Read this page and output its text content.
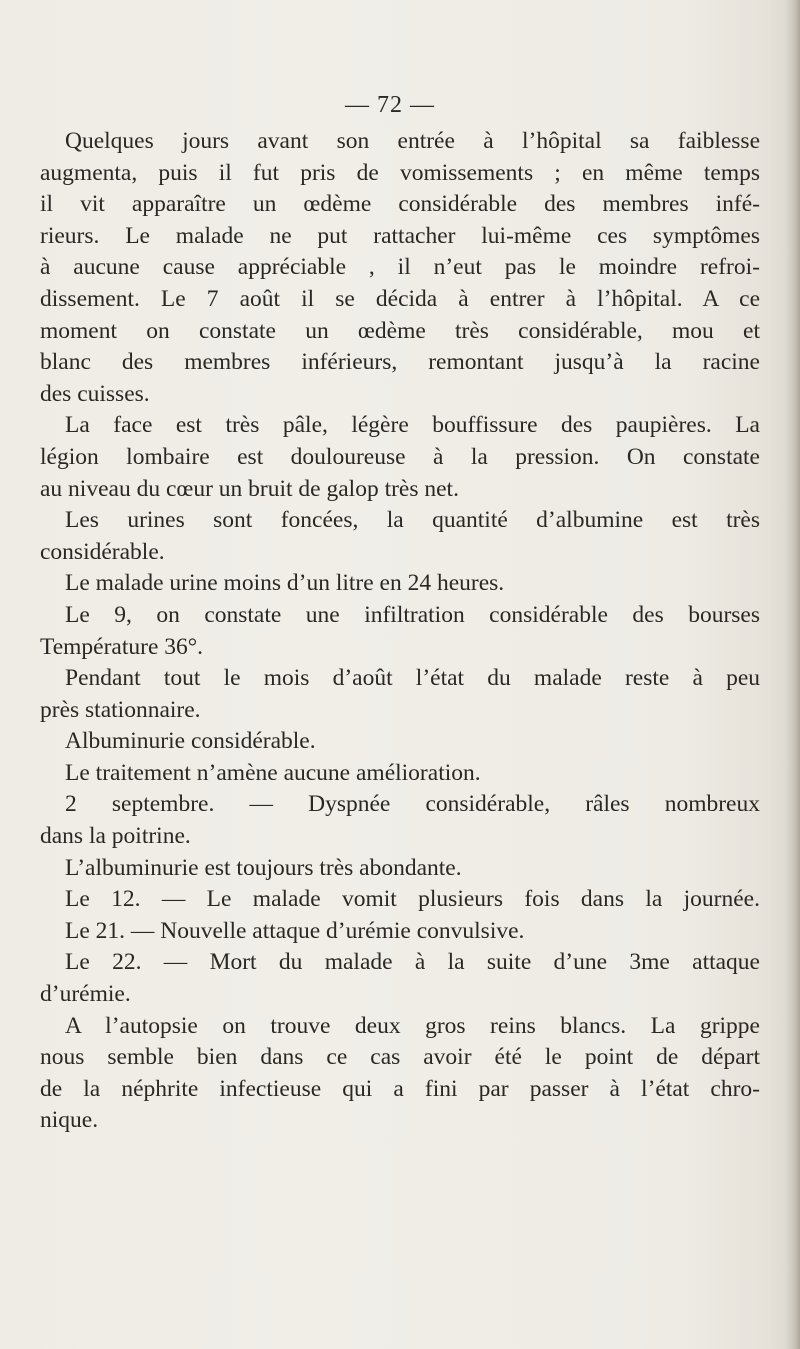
— 72 —
Quelques jours avant son entrée à l’hôpital sa faiblesse
augmenta, puis il fut pris de vomissements ; en même temps
il vit apparaître un œdème considérable des membres infé-
rieurs. Le malade ne put rattacher lui-même ces symptômes
à aucune cause appréciable , il n’eut pas le moindre refroi-
dissement. Le 7 août il se décida à entrer à l’hôpital. A ce
moment on constate un œdème très considérable, mou et
blanc des membres inférieurs, remontant jusqu’à la racine
des cuisses.
La face est très pâle, légère bouffissure des paupières. La
légion lombaire est douloureuse à la pression. On constate
au niveau du cœur un bruit de galop très net.
Les urines sont foncées, la quantité d’albumine est très
considérable.
Le malade urine moins d’un litre en 24 heures.
Le 9, on constate une infiltration considérable des bourses
Température 36°.
Pendant tout le mois d’août l’état du malade reste à peu
près stationnaire.
Albuminurie considérable.
Le traitement n’amène aucune amélioration.
2 septembre. — Dyspnée considérable, râles nombreux
dans la poitrine.
L’albuminurie est toujours très abondante.
Le 12. — Le malade vomit plusieurs fois dans la journée.
Le 21. — Nouvelle attaque d’urémie convulsive.
Le 22. — Mort du malade à la suite d’une 3me attaque
d’urémie.
A l’autopsie on trouve deux gros reins blancs. La grippe
nous semble bien dans ce cas avoir été le point de départ
de la néphrite infectieuse qui a fini par passer à l’état chro-
nique.
